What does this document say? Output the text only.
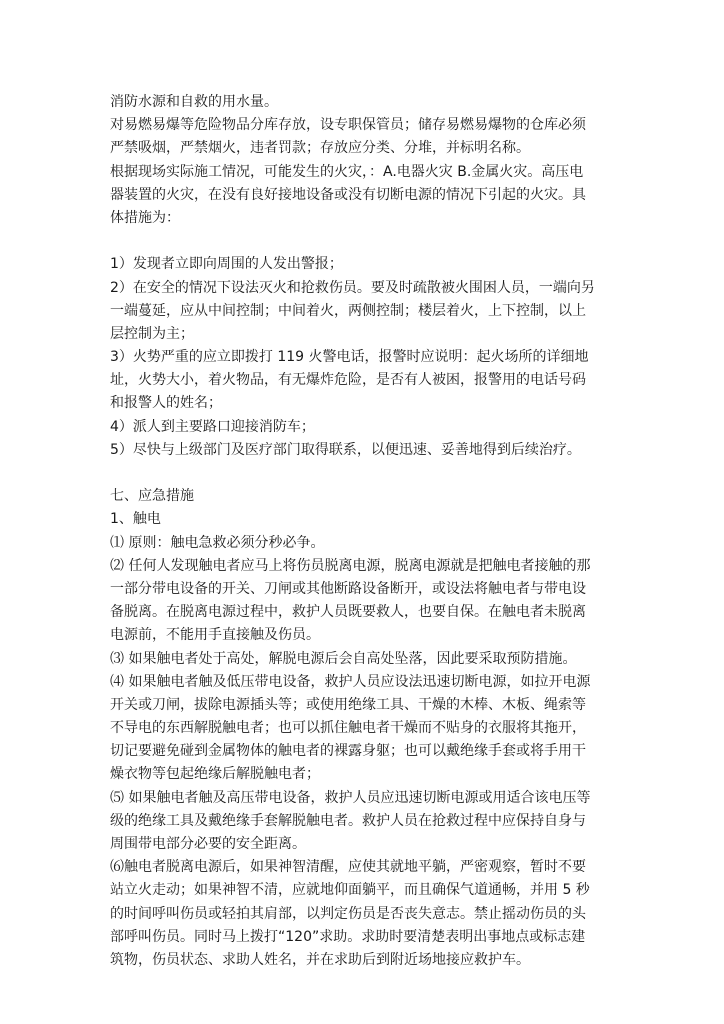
消防水源和自救的用水量。
对易燃易爆等危险物品分库存放，设专职保管员；储存易燃易爆物的仓库必须
严禁吸烟，严禁烟火，违者罚款；存放应分类、分堆，并标明名称。
根据现场实际施工情况，可能发生的火灾，：A.电器火灾 B.金属火灾。高压电
器装置的火灾，在没有良好接地设备或没有切断电源的情况下引起的火灾。具
体措施为：
1）发现者立即向周围的人发出警报；
2）在安全的情况下设法灭火和抢救伤员。要及时疏散被火围困人员，一端向另
一端蔓延，应从中间控制；中间着火，两侧控制；楼层着火，上下控制，以上
层控制为主；
3）火势严重的应立即拨打 119 火警电话，报警时应说明：起火场所的详细地
址，火势大小，着火物品，有无爆炸危险，是否有人被困，报警用的电话号码
和报警人的姓名；
4）派人到主要路口迎接消防车；
5）尽快与上级部门及医疗部门取得联系，以便迅速、妥善地得到后续治疗。
七、应急措施
1、触电
⑴ 原则：触电急救必须分秒必争。
⑵ 任何人发现触电者应马上将伤员脱离电源，脱离电源就是把触电者接触的那
一部分带电设备的开关、刀闸或其他断路设备断开，或设法将触电者与带电设
备脱离。在脱离电源过程中，救护人员既要救人，也要自保。在触电者未脱离
电源前，不能用手直接触及伤员。
⑶ 如果触电者处于高处，解脱电源后会自高处坠落，因此要采取预防措施。
⑷ 如果触电者触及低压带电设备，救护人员应设法迅速切断电源，如拉开电源
开关或刀闸，拔除电源插头等；或使用绝缘工具、干燥的木棒、木板、绳索等
不导电的东西解脱触电者；也可以抓住触电者干燥而不贴身的衣服将其拖开，
切记要避免碰到金属物体的触电者的裸露身躯；也可以戴绝缘手套或将手用干
燥衣物等包起绝缘后解脱触电者；
⑸ 如果触电者触及高压带电设备，救护人员应迅速切断电源或用适合该电压等
级的绝缘工具及戴绝缘手套解脱触电者。救护人员在抢救过程中应保持自身与
周围带电部分必要的安全距离。
⑹触电者脱离电源后，如果神智清醒，应使其就地平躺，严密观察，暂时不要
站立火走动；如果神智不清，应就地仰面躺平，而且确保气道通畅，并用 5 秒
的时间呼叫伤员或轻拍其肩部，以判定伤员是否丧失意志。禁止摇动伤员的头
部呼叫伤员。同时马上拨打“120”求助。求助时要清楚表明出事地点或标志建
筑物，伤员状态、求助人姓名，并在求助后到附近场地接应救护车。
